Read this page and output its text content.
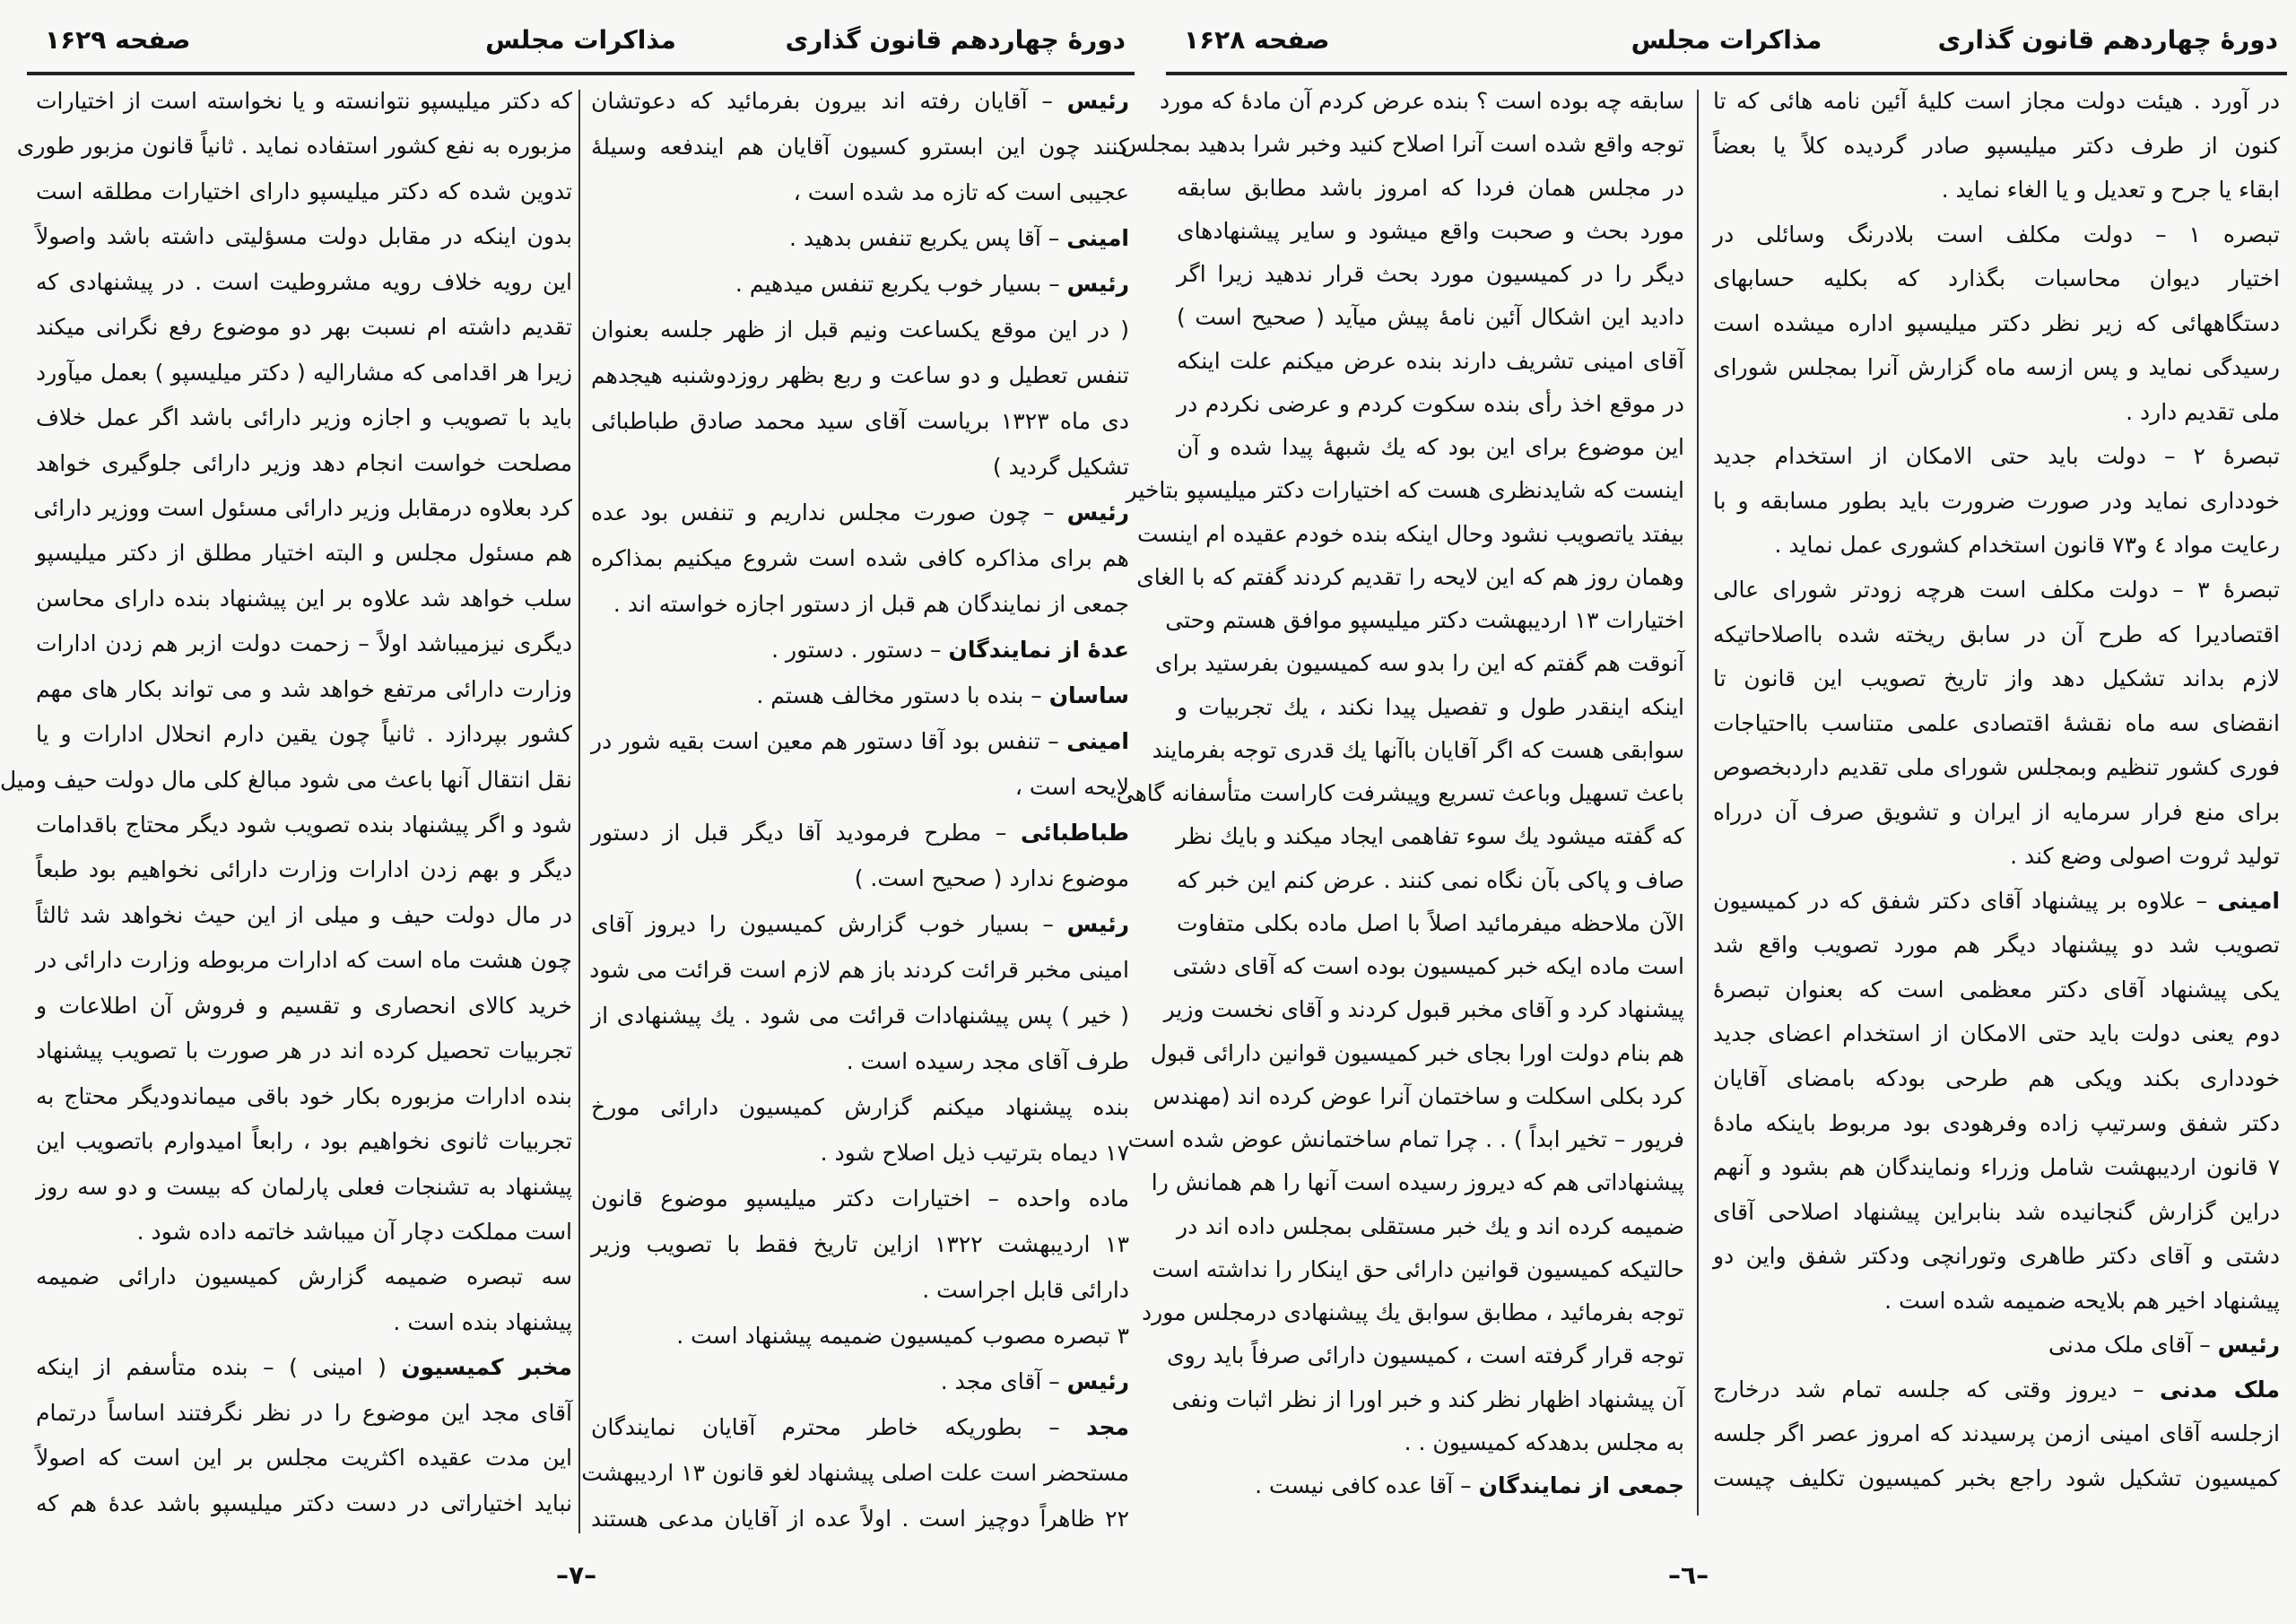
دورهٔ چهاردهم قانون گذاری
مذاکرات مجلس
صفحه ۱۶۲۸
در آورد . هیئت دولت مجاز است کلیهٔ آئین نامه هائی که تا
کنون از طرف دکتر میلیسپو صادر گردیده کلاً یا بعضاً
ابقاء یا جرح و تعدیل و یا الغاء نماید .
تبصره ۱ – دولت مکلف است بلادرنگ وسائلی در
اختیار دیوان محاسبات بگذارد که بکلیه حسابهای
دستگاههائی که زیر نظر دکتر میلیسپو اداره میشده است
رسیدگی نماید و پس ازسه ماه گزارش آنرا بمجلس شورای
ملی تقدیم دارد .
تبصرهٔ ۲ – دولت باید حتی الامکان از استخدام جدید
خودداری نماید ودر صورت ضرورت باید بطور مسابقه و با
رعایت مواد ٤ و۷۳ قانون استخدام کشوری عمل نماید .
تبصرهٔ ۳ – دولت مکلف است هرچه زودتر شورای عالی
اقتصادیرا که طرح آن در سابق ریخته شده بااصلاحاتیکه
لازم بداند تشکیل دهد واز تاریخ تصویب این قانون تا
انقضای سه ماه نقشهٔ اقتصادی علمی متناسب بااحتیاجات
فوری کشور تنظیم وبمجلس شورای ملی تقدیم داردبخصوص
برای منع فرار سرمایه از ایران و تشویق صرف آن درراه
تولید ثروت اصولی وضع کند .
امینی – علاوه بر پیشنهاد آقای دکتر شفق که در کمیسیون
تصویب شد دو پیشنهاد دیگر هم مورد تصویب واقع شد
یکی پیشنهاد آقای دکتر معظمی است که بعنوان تبصرهٔ
دوم یعنی دولت باید حتی الامکان از استخدام اعضای جدید
خودداری بکند ویکی هم طرحی بودکه بامضای آقایان
دکتر شفق وسرتیپ زاده وفرهودی بود مربوط باینکه مادهٔ
۷ قانون اردیبهشت شامل وزراء ونمایندگان هم بشود و آنهم
دراین گزارش گنجانیده شد بنابراین پیشنهاد اصلاحی آقای
دشتی و آقای دکتر طاهری وتورانچی ودکتر شفق واین دو
پیشنهاد اخیر هم بلایحه ضمیمه شده است .
رئیس – آقای ملک مدنی
ملک مدنی – دیروز وقتی که جلسه تمام شد درخارج
ازجلسه آقای امینی ازمن پرسیدند که امروز عصر اگر جلسه
کمیسیون تشکیل شود راجع بخبر کمیسیون تکلیف چیست
سابقه چه بوده است ؟ بنده عرض کردم آن مادهٔ که مورد
توجه واقع شده است آنرا اصلاح کنید وخبر شرا بدهید بمجلس
در مجلس همان فردا که امروز باشد مطابق سابقه
مورد بحث و صحبت واقع میشود و سایر پیشنهادهای
دیگر را در کمیسیون مورد بحث قرار ندهید زیرا اگر
دادید این اشکال آئین نامهٔ پیش میآید ( صحیح است )
آقای امینی تشریف دارند بنده عرض میکنم علت اینکه
در موقع اخذ رأی بنده سکوت کردم و عرضی نکردم در
این موضوع برای این بود که یك شبههٔ پیدا شده و آن
اینست که شایدنظری هست که اختیارات دکتر میلیسپو بتاخیر
بیفتد یاتصویب نشود وحال اینکه بنده خودم عقیده ام اینست
وهمان روز هم که این لایحه را تقدیم کردند گفتم که با الغای
اختیارات ۱۳ اردیبهشت دکتر میلیسپو موافق هستم وحتی
آنوقت هم گفتم که این را بدو سه کمیسیون بفرستید برای
اینکه اینقدر طول و تفصیل پیدا نکند ، یك تجربیات و
سوابقی هست که اگر آقایان باآنها یك قدری توجه بفرمایند
باعث تسهیل وباعث تسریع وپیشرفت کاراست متأسفانه گاهی
که گفته میشود یك سوء تفاهمی ایجاد میکند و بایك نظر
صاف و پاکی بآن نگاه نمی کنند . عرض کنم این خبر که
الآن ملاحظه میفرمائید اصلاً با اصل ماده بکلی متفاوت
است ماده ایکه خبر کمیسیون بوده است که آقای دشتی
پیشنهاد کرد و آقای مخبر قبول کردند و آقای نخست وزیر
هم بنام دولت اورا بجای خبر کمیسیون قوانین دارائی قبول
کرد بکلی اسکلت و ساختمان آنرا عوض کرده اند (مهندس
فریور – تخیر ابداً ) . . چرا تمام ساختمانش عوض شده است
پیشنهاداتی هم که دیروز رسیده است آنها را هم همانش را
ضمیمه کرده اند و یك خبر مستقلی بمجلس داده اند در
حالتیکه کمیسیون قوانین دارائی حق اینکار را نداشته است
توجه بفرمائید ، مطابق سوابق یك پیشنهادی درمجلس مورد
توجه قرار گرفته است ، کمیسیون دارائی صرفاً باید روی
آن پیشنهاد اظهار نظر کند و خبر اورا از نظر اثبات ونفی
به مجلس بدهدکه کمیسیون . .
جمعی از نمایندگان – آقا عده کافی نیست .
–٦–
دورهٔ چهاردهم قانون گذاری
مذاکرات مجلس
صفحه ۱۶۲۹
رئیس – آقایان رفته اند بیرون بفرمائید که دعوتشان
کنند چون این ابسترو کسیون آقایان هم ایندفعه وسیلهٔ
عجیبی است که تازه مد شده است ،
امینی – آقا پس یکربع تنفس بدهید .
رئیس – بسیار خوب یکربع تنفس میدهیم .
( در این موقع یکساعت ونیم قبل از ظهر جلسه بعنوان
تنفس تعطیل و دو ساعت و ربع بظهر روزدوشنبه هیجدهم
دی ماه ۱۳۲۳ بریاست آقای سید محمد صادق طباطبائی
تشکیل گردید )
رئیس – چون صورت مجلس نداریم و تنفس بود عده
هم برای مذاکره کافی شده است شروع میکنیم بمذاکره
جمعی از نمایندگان هم قبل از دستور اجازه خواسته اند .
عدهٔ از نمایندگان – دستور . دستور .
ساسان – بنده با دستور مخالف هستم .
امینی – تنفس بود آقا دستور هم معین است بقیه شور در
لایحه است ،
طباطبائی – مطرح فرمودید آقا دیگر قبل از دستور
موضوع ندارد ( صحیح است. )
رئیس – بسیار خوب گزارش کمیسیون را دیروز آقای
امینی مخبر قرائت کردند باز هم لازم است قرائت می شود
( خیر ) پس پیشنهادات قرائت می شود . یك پیشنهادی از
طرف آقای مجد رسیده است .
بنده پیشنهاد میکنم گزارش کمیسیون دارائی مورخ
۱۷ دیماه بترتیب ذیل اصلاح شود .
ماده واحده – اختیارات دکتر میلیسپو موضوع قانون
۱۳ اردیبهشت ۱۳۲۲ ازاین تاریخ فقط با تصویب وزیر
دارائی قابل اجراست .
۳ تبصره مصوب کمیسیون ضمیمه پیشنهاد است .
رئیس – آقای مجد .
مجد – بطوریکه خاطر محترم آقایان نمایندگان
مستحضر است علت اصلی پیشنهاد لغو قانون ۱۳ اردیبهشت
۲۲ ظاهراً دوچیز است . اولاً عده از آقایان مدعی هستند
که دکتر میلیسپو نتوانسته و یا نخواسته است از اختیارات
مزبوره به نفع کشور استفاده نماید . ثانیاً قانون مزبور طوری
تدوین شده که دکتر میلیسپو دارای اختیارات مطلقه است
بدون اینکه در مقابل دولت مسؤلیتی داشته باشد واصولاً
این رویه خلاف رویه مشروطیت است . در پیشنهادی که
تقدیم داشته ام نسبت بهر دو موضوع رفع نگرانی میکند
زیرا هر اقدامی که مشارالیه ( دکتر میلیسپو ) بعمل میآورد
باید با تصویب و اجازه وزیر دارائی باشد اگر عمل خلاف
مصلحت خواست انجام دهد وزیر دارائی جلوگیری خواهد
کرد بعلاوه درمقابل وزیر دارائی مسئول است ووزیر دارائی
هم مسئول مجلس و البته اختیار مطلق از دکتر میلیسپو
سلب خواهد شد علاوه بر این پیشنهاد بنده دارای محاسن
دیگری نیزمیباشد اولاً – زحمت دولت ازبر هم زدن ادارات
وزارت دارائی مرتفع خواهد شد و می تواند بکار های مهم
کشور بپردازد . ثانیاً چون یقین دارم انحلال ادارات و یا
نقل انتقال آنها باعث می شود مبالغ کلی مال دولت حیف ومیل
شود و اگر پیشنهاد بنده تصویب شود دیگر محتاج باقدامات
دیگر و بهم زدن ادارات وزارت دارائی نخواهیم بود طبعاً
در مال دولت حیف و میلی از این حیث نخواهد شد ثالثاً
چون هشت ماه است که ادارات مربوطه وزارت دارائی در
خرید کالای انحصاری و تقسیم و فروش آن اطلاعات و
تجربیات تحصیل کرده اند در هر صورت با تصویب پیشنهاد
بنده ادارات مزبوره بکار خود باقی میماندودیگر محتاج به
تجربیات ثانوی نخواهیم بود ، رابعاً امیدوارم باتصویب این
پیشنهاد به تشنجات فعلی پارلمان که بیست و دو سه روز
است مملکت دچار آن میباشد خاتمه داده شود .
سه تبصره ضمیمه گزارش کمیسیون دارائی ضمیمه
پیشنهاد بنده است .
مخبر کمیسیون ( امینی ) – بنده متأسفم از اینکه
آقای مجد این موضوع را در نظر نگرفتند اساساً درتمام
این مدت عقیده اکثریت مجلس بر این است که اصولاً
نباید اختیاراتی در دست دکتر میلیسپو باشد عدهٔ هم که
–۷–
